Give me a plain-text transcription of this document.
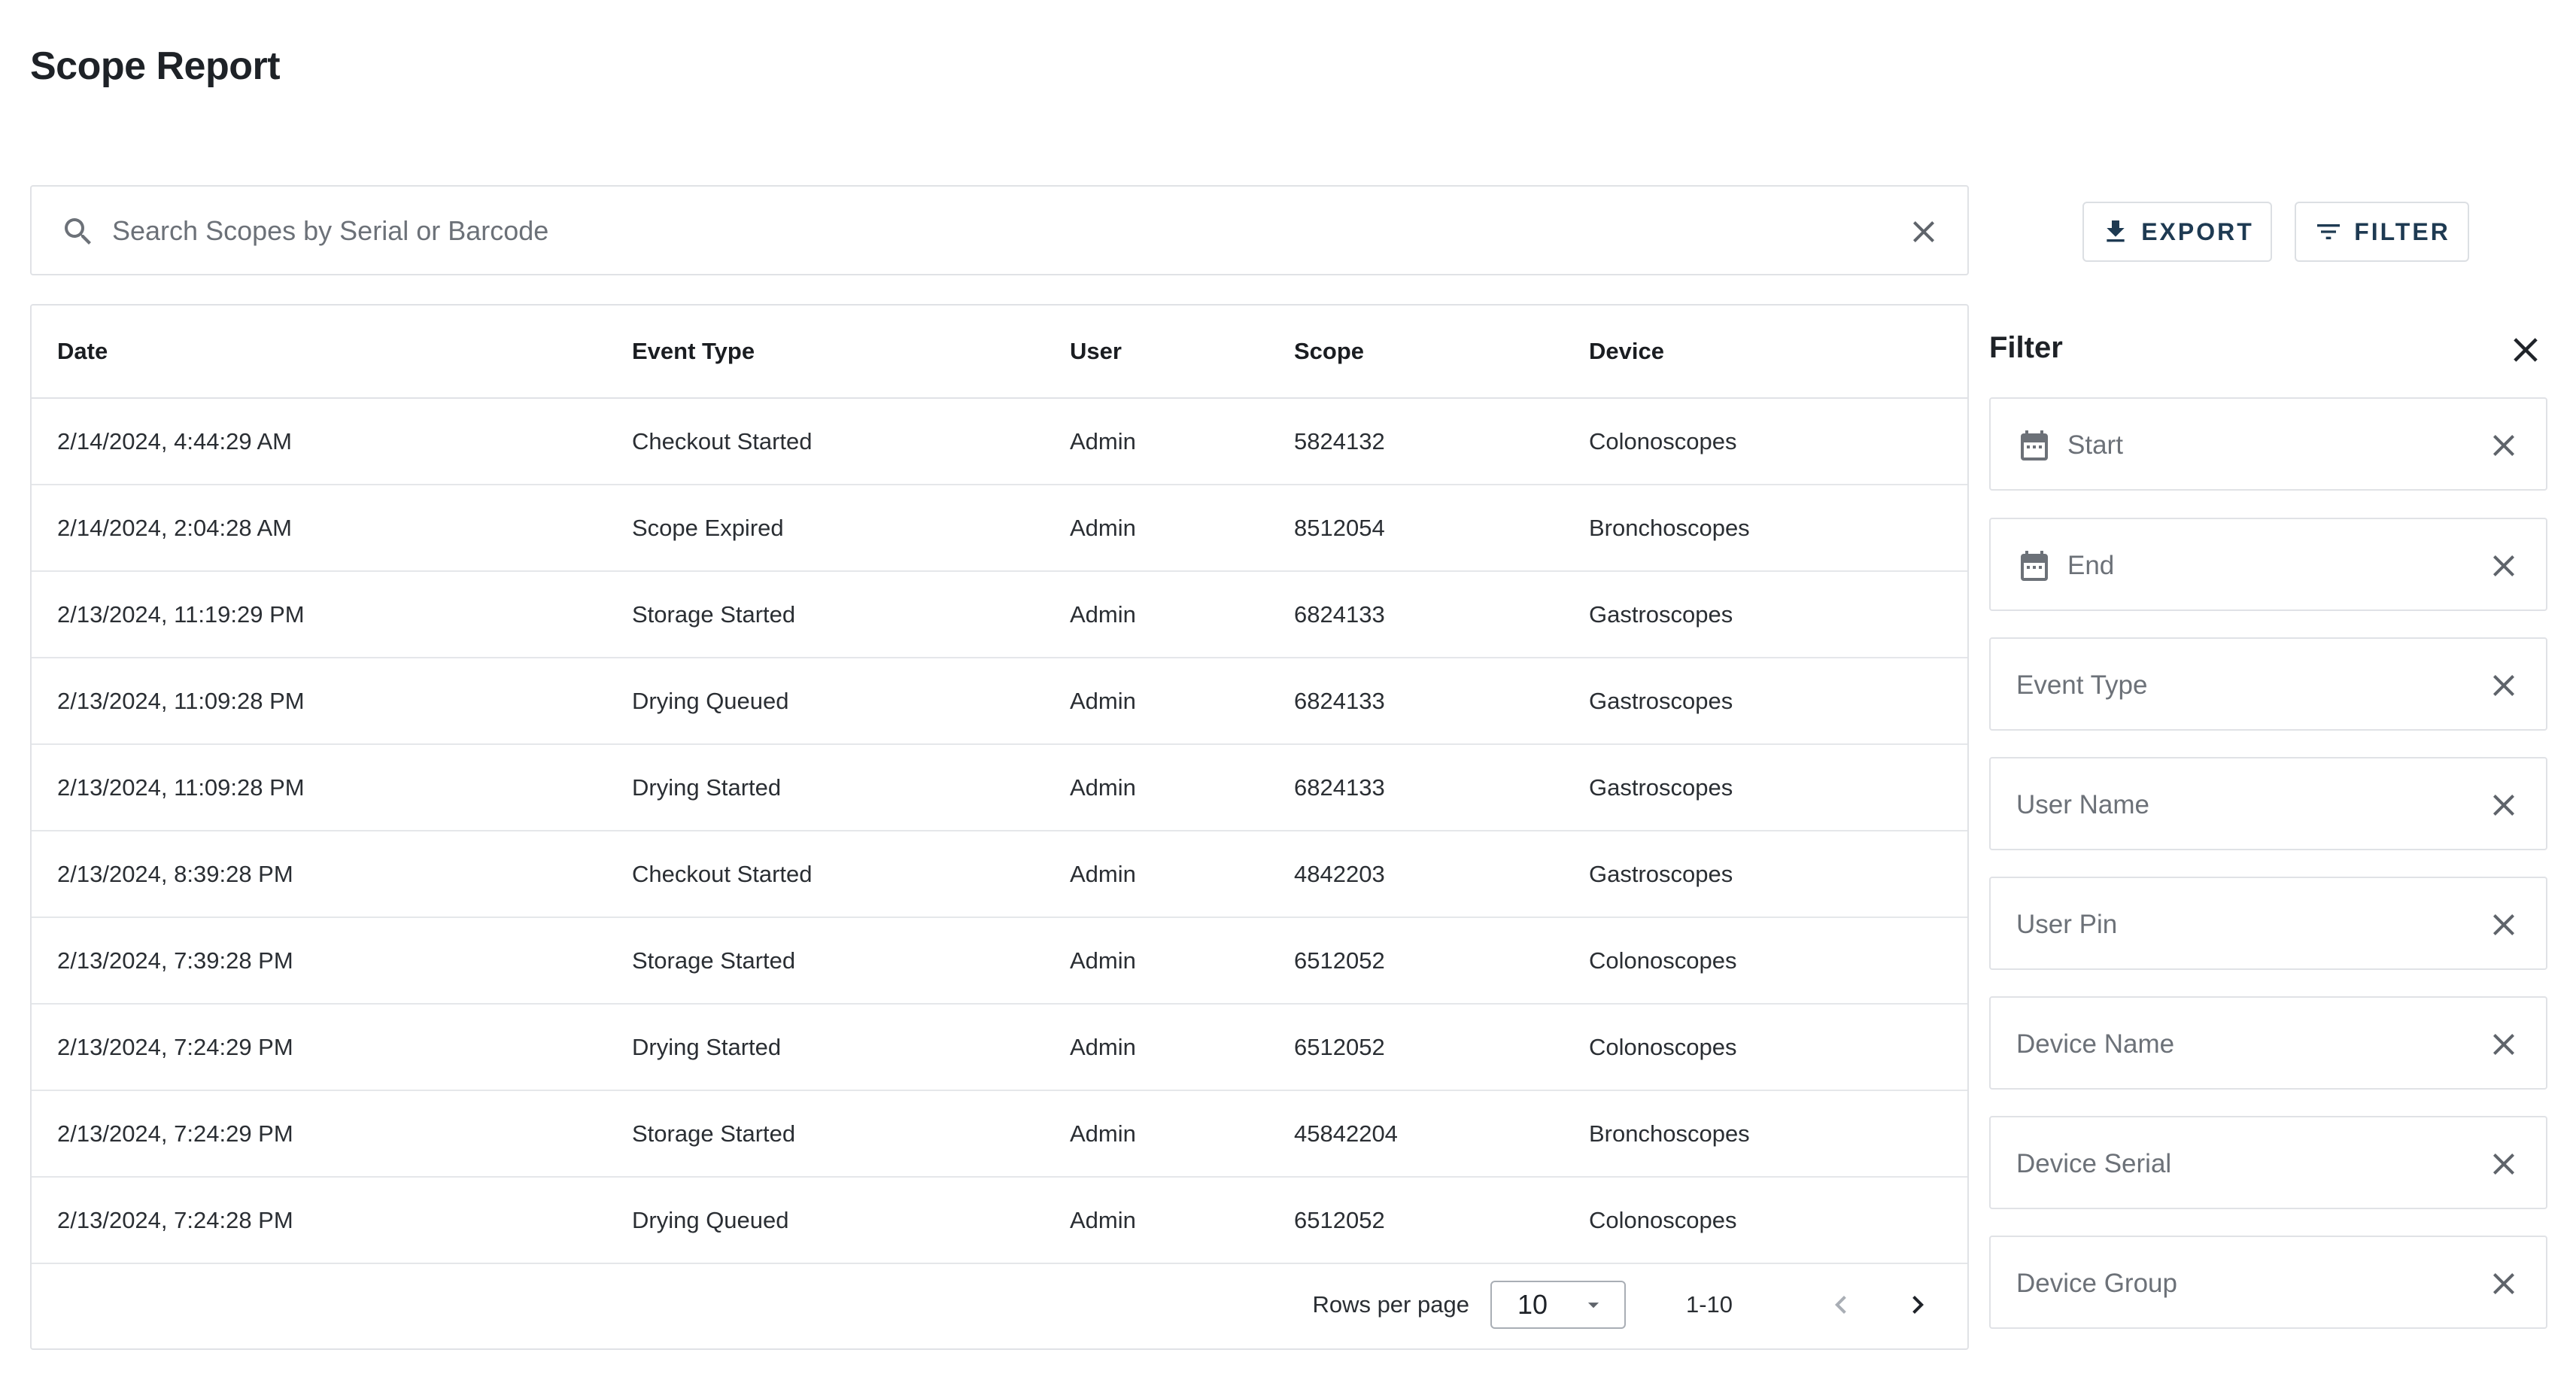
Scope Report
Search Scopes by Serial or Barcode
EXPORT	FILTER
Date	Event Type	User	Scope	Device
2/14/2024, 4:44:29 AM	Checkout Started	Admin	5824132	Colonoscopes
2/14/2024, 2:04:28 AM	Scope Expired	Admin	8512054	Bronchoscopes
2/13/2024, 11:19:29 PM	Storage Started	Admin	6824133	Gastroscopes
2/13/2024, 11:09:28 PM	Drying Queued	Admin	6824133	Gastroscopes
2/13/2024, 11:09:28 PM	Drying Started	Admin	6824133	Gastroscopes
2/13/2024, 8:39:28 PM	Checkout Started	Admin	4842203	Gastroscopes
2/13/2024, 7:39:28 PM	Storage Started	Admin	6512052	Colonoscopes
2/13/2024, 7:24:29 PM	Drying Started	Admin	6512052	Colonoscopes
2/13/2024, 7:24:29 PM	Storage Started	Admin	45842204	Bronchoscopes
2/13/2024, 7:24:28 PM	Drying Queued	Admin	6512052	Colonoscopes
Rows per page 10	1-10
Filter
Start
End
Event Type
User Name
User Pin
Device Name
Device Serial
Device Group
